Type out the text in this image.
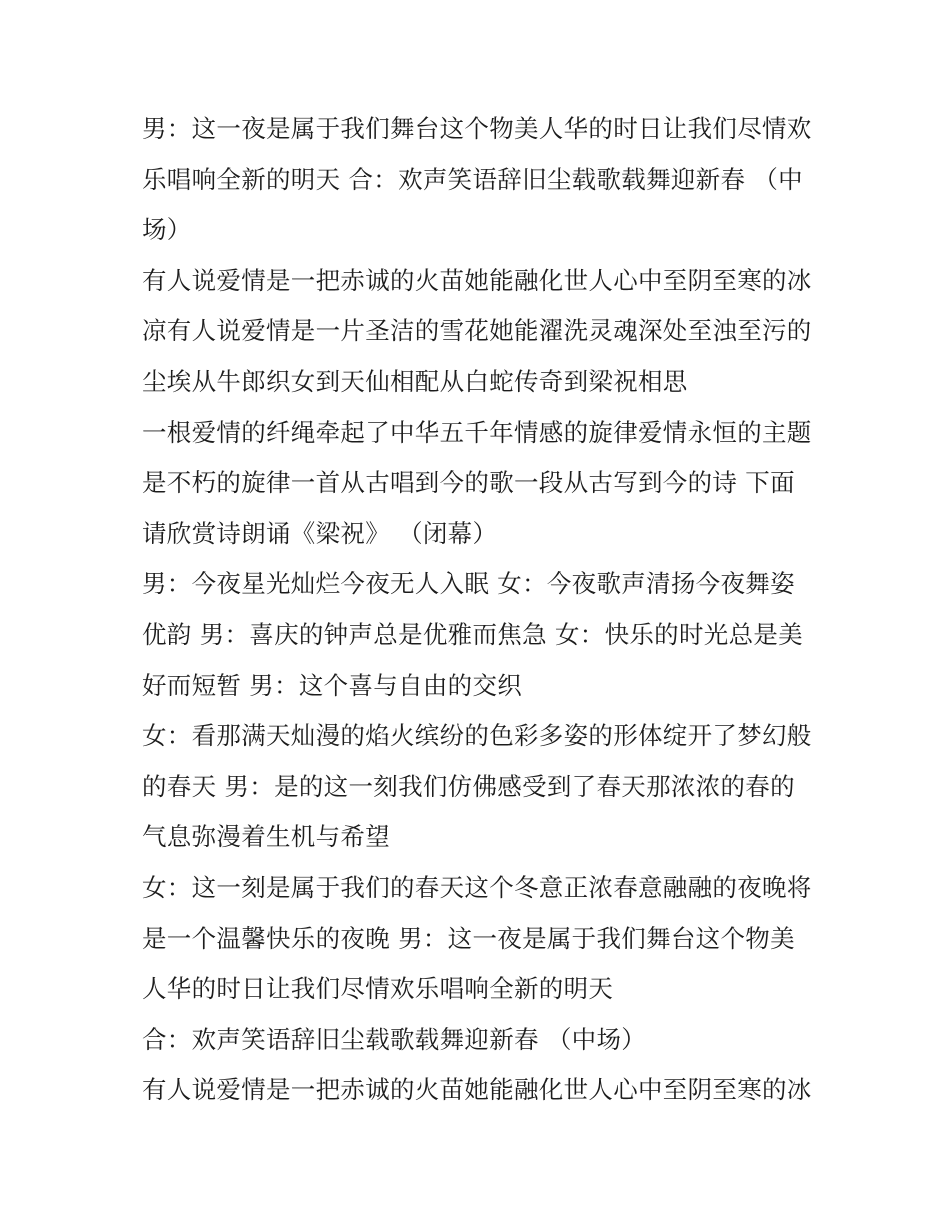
男：这一夜是属于我们舞台这个物美人华的时日让我们尽情欢
乐唱响全新的明天 合：欢声笑语辞旧尘载歌载舞迎新春 （中
场）
有人说爱情是一把赤诚的火苗她能融化世人心中至阴至寒的冰
凉有人说爱情是一片圣洁的雪花她能濯洗灵魂深处至浊至污的
尘埃从牛郎织女到天仙相配从白蛇传奇到梁祝相思
一根爱情的纤绳牵起了中华五千年情感的旋律爱情永恒的主题
是不朽的旋律一首从古唱到今的歌一段从古写到今的诗 下面
请欣赏诗朗诵《梁祝》 （闭幕）
男：今夜星光灿烂今夜无人入眠 女：今夜歌声清扬今夜舞姿
优韵 男：喜庆的钟声总是优雅而焦急 女：快乐的时光总是美
好而短暂 男：这个喜与自由的交织
女：看那满天灿漫的焰火缤纷的色彩多姿的形体绽开了梦幻般
的春天 男：是的这一刻我们仿佛感受到了春天那浓浓的春的
气息弥漫着生机与希望
女：这一刻是属于我们的春天这个冬意正浓春意融融的夜晚将
是一个温馨快乐的夜晚 男：这一夜是属于我们舞台这个物美
人华的时日让我们尽情欢乐唱响全新的明天
合：欢声笑语辞旧尘载歌载舞迎新春 （中场）
有人说爱情是一把赤诚的火苗她能融化世人心中至阴至寒的冰
